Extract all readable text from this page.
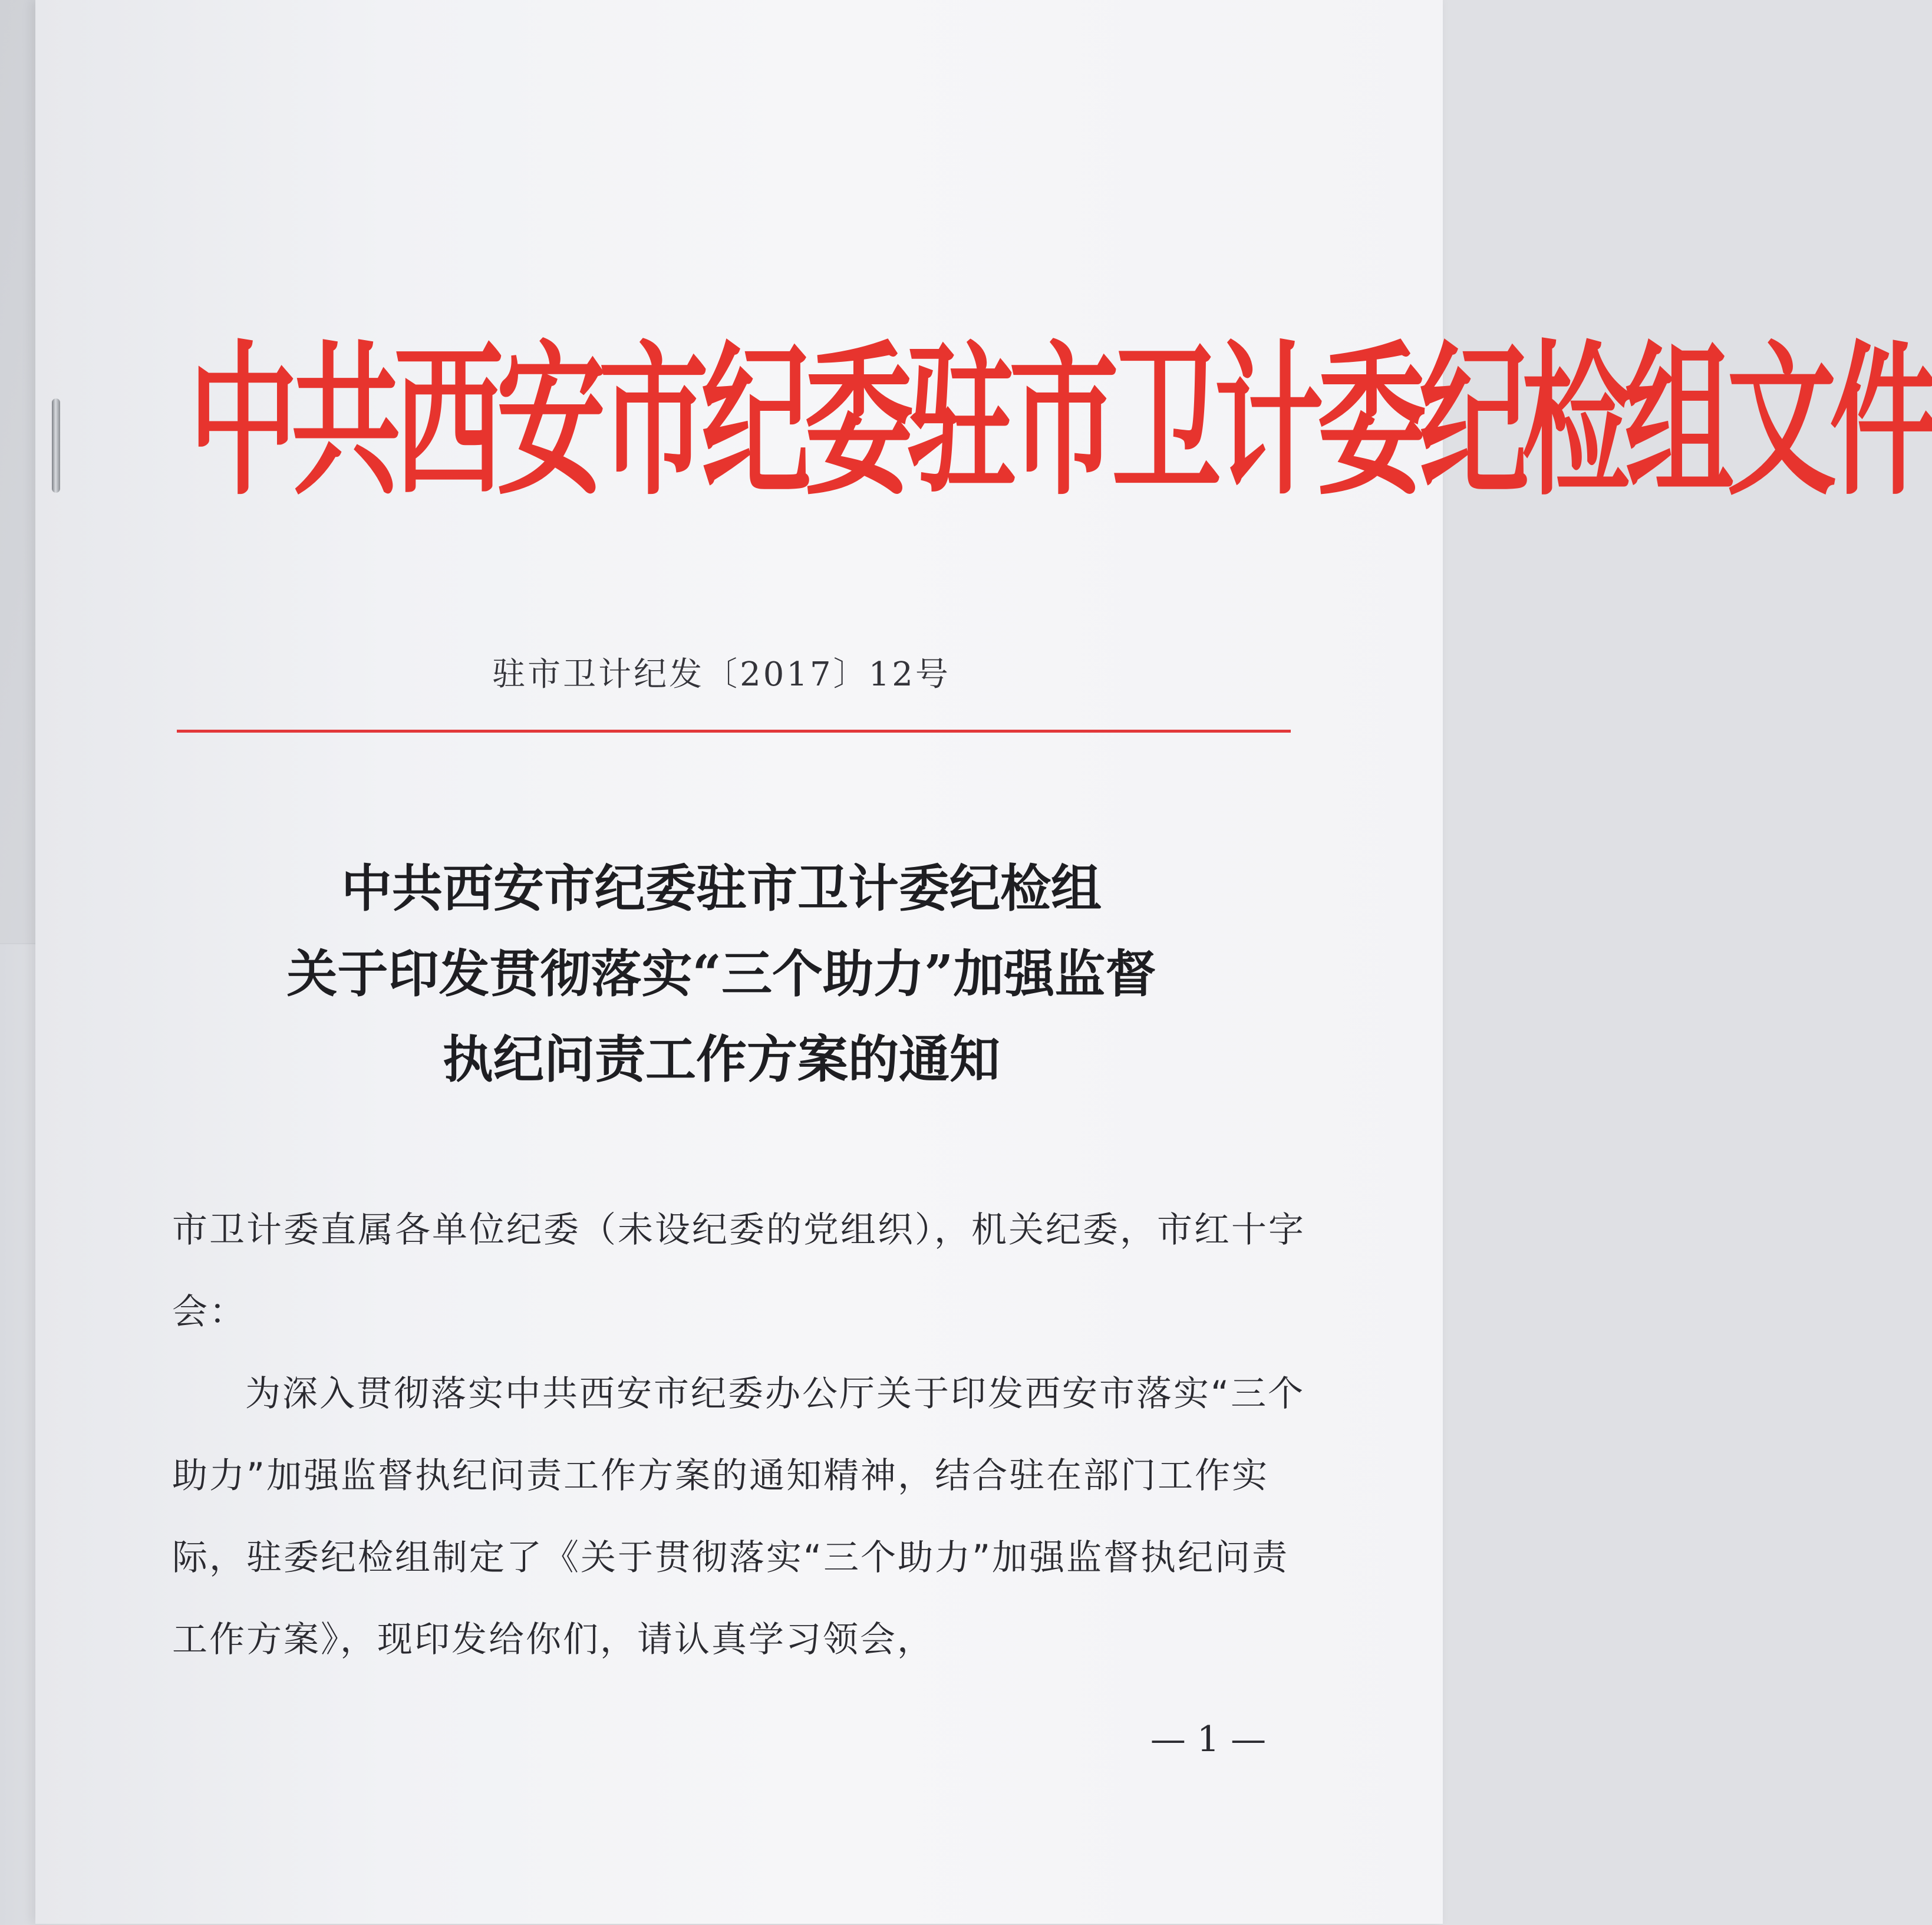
中共西安市纪委驻市卫计委纪检组文件
驻市卫计纪发〔2017〕12号
中共西安市纪委驻市卫计委纪检组
关于印发贯彻落实“三个助力”加强监督
执纪问责工作方案的通知

市卫计委直属各单位纪委（未设纪委的党组织），机关纪委，市红十字会：

为深入贯彻落实中共西安市纪委办公厅关于印发西安市落实“三个助力”加强监督执纪问责工作方案的通知精神，结合驻在部门工作实际，驻委纪检组制定了《关于贯彻落实“三个助力”加强监督执纪问责工作方案》，现印发给你们，请认真学习领会，

— 1 —
